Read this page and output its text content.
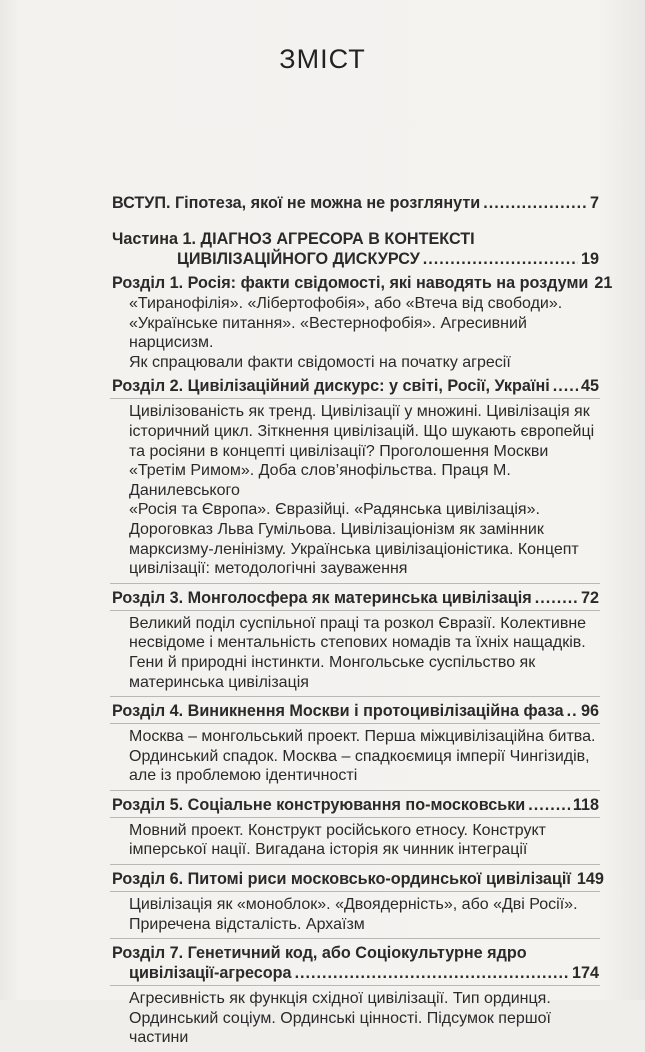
ЗМІСТ
ВСТУП. Гіпотеза, якої не можна не розглянути .....	7
Частина 1. ДІАГНОЗ АГРЕСОРА В КОНТЕКСТІ
ЦИВІЛІЗАЦІЙНОГО ДИСКУРСУ .....	19
Розділ 1. Росія: факти свідомості, які наводять на роздуми 21
«Тиранофілія». «Лібертофобія», або «Втеча від свободи».
«Українське питання». «Вестернофобія». Агресивний нарцисизм.
Як спрацювали факти свідомості на початку агресії
Розділ 2. Цивілізаційний дискурс: у світі, Росії, Україні ..... 45
Цивілізованість як тренд. Цивілізації у множині. Цивілізація як
історичний цикл. Зіткнення цивілізацій. Що шукають європейці
та росіяни в концепті цивілізації? Проголошення Москви
«Третім Римом». Доба слов’янофільства. Праця М. Данилевського
«Росія та Європа». Євразійці. «Радянська цивілізація».
Дороговказ Льва Гумільова. Цивілізаціонізм як замінник
марксизму-ленінізму. Українська цивілізаціоністика. Концепт
цивілізації: методологічні зауваження
Розділ 3. Монголосфера як материнська цивілізація .....	72
Великий поділ суспільної праці та розкол Євразії. Колективне
несвідоме і ментальність степових номадів та їхніх нащадків.
Гени й природні інстинкти. Монгольське суспільство як
материнська цивілізація
Розділ 4. Виникнення Москви і протоцивілізаційна фаза ..... 96
Москва – монгольський проект. Перша міжцивілізаційна битва.
Ординський спадок. Москва – спадкоємиця імперії Чингізидів,
але із проблемою ідентичності
Розділ 5. Соціальне конструювання по-московськи .....	118
Мовний проект. Конструкт російського етносу. Конструкт
імперської нації. Вигадана історія як чинник інтеграції
Розділ 6. Питомі риси московсько-ординської цивілізації 149
Цивілізація як «моноблок». «Двоядерність», або «Дві Росії».
Приречена відсталість. Архаїзм
Розділ 7. Генетичний код, або Соціокультурне ядро
цивілізації-агресора .....	174
Агресивність як функція східної цивілізації. Тип ординця.
Ординський соціум. Ординські цінності. Підсумок першої частини
